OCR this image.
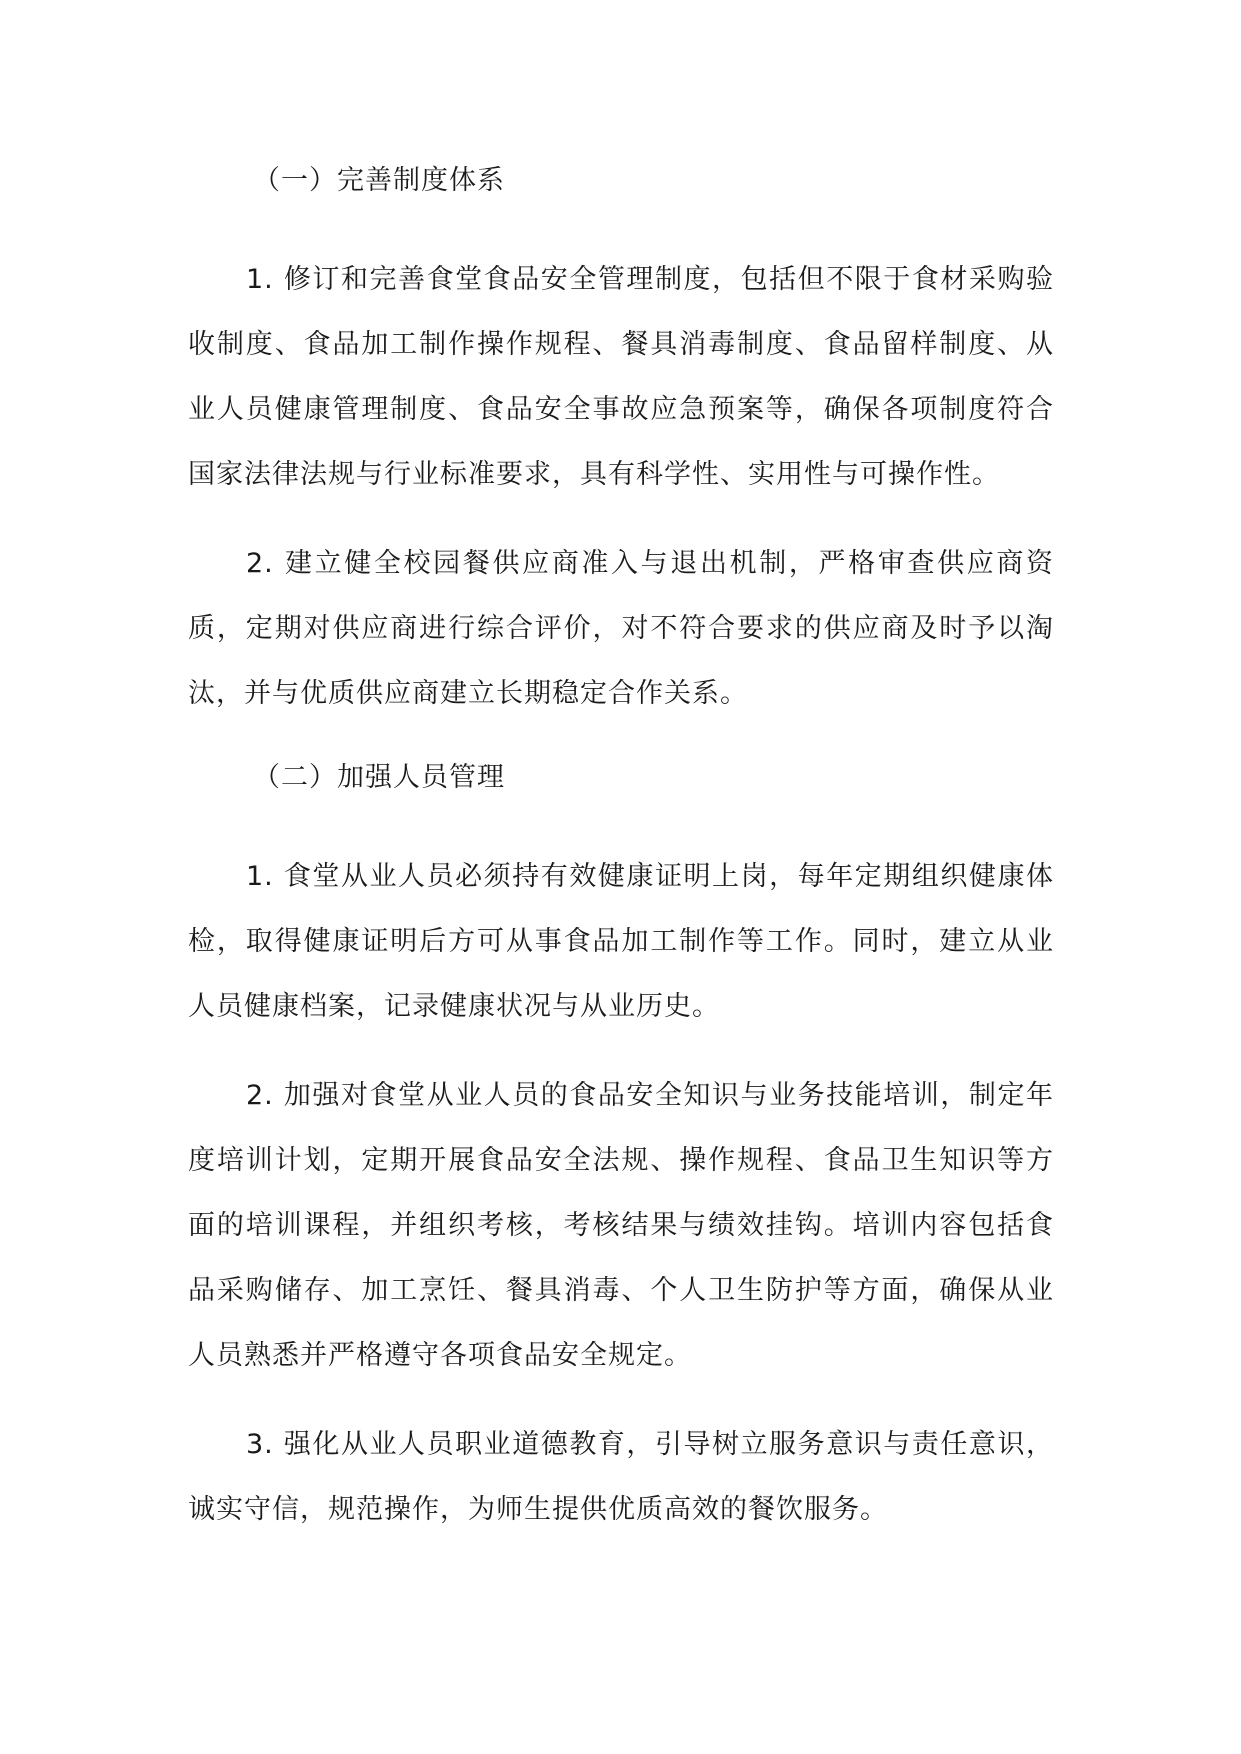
（一）完善制度体系

1. 修订和完善食堂食品安全管理制度，包括但不限于食材采购验收制度、食品加工制作操作规程、餐具消毒制度、食品留样制度、从业人员健康管理制度、食品安全事故应急预案等，确保各项制度符合国家法律法规与行业标准要求，具有科学性、实用性与可操作性。

2. 建立健全校园餐供应商准入与退出机制，严格审查供应商资质，定期对供应商进行综合评价，对不符合要求的供应商及时予以淘汰，并与优质供应商建立长期稳定合作关系。

（二）加强人员管理

1. 食堂从业人员必须持有效健康证明上岗，每年定期组织健康体检，取得健康证明后方可从事食品加工制作等工作。同时，建立从业人员健康档案，记录健康状况与从业历史。

2. 加强对食堂从业人员的食品安全知识与业务技能培训，制定年度培训计划，定期开展食品安全法规、操作规程、食品卫生知识等方面的培训课程，并组织考核，考核结果与绩效挂钩。培训内容包括食品采购储存、加工烹饪、餐具消毒、个人卫生防护等方面，确保从业人员熟悉并严格遵守各项食品安全规定。

3. 强化从业人员职业道德教育，引导树立服务意识与责任意识，诚实守信，规范操作，为师生提供优质高效的餐饮服务。
